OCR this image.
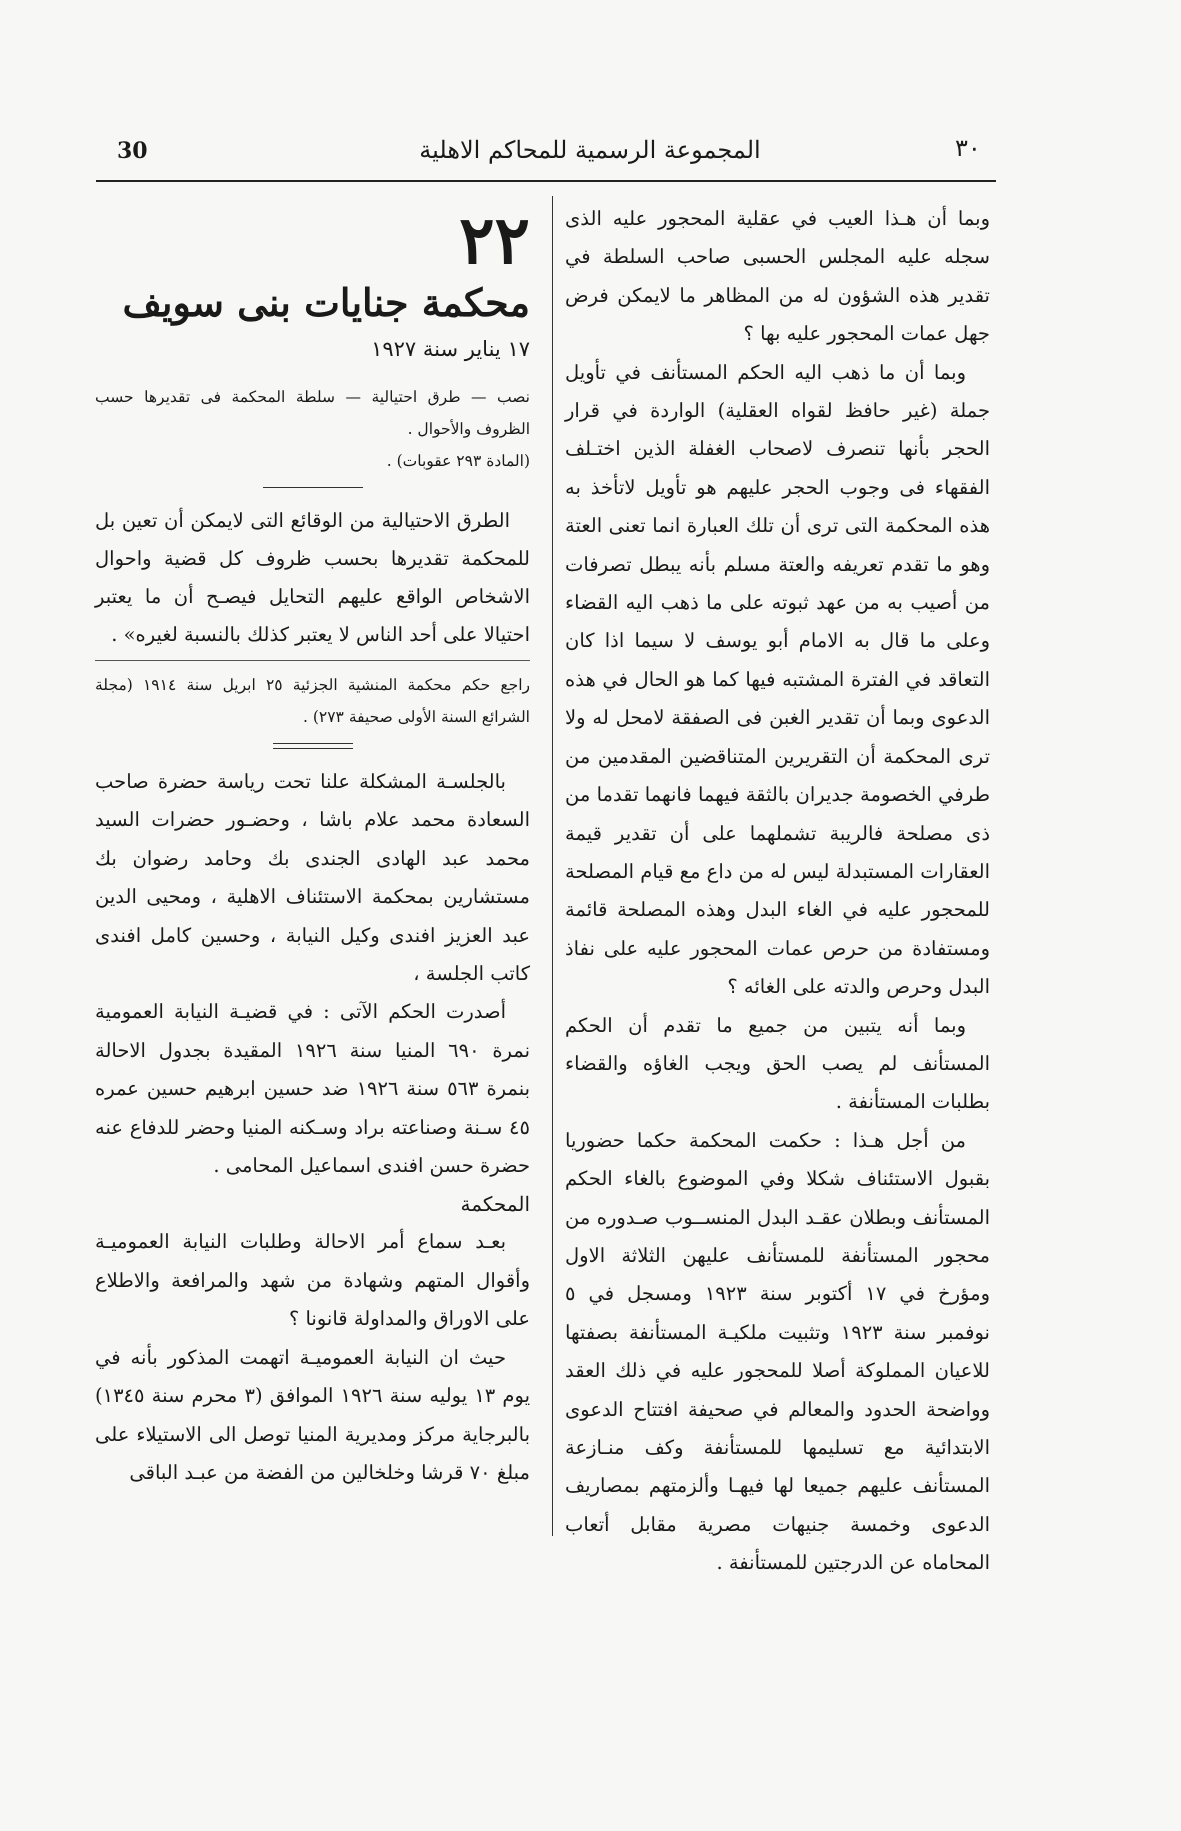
30	المجموعة الرسمية للمحاكم الاهلية	٣٠

وبما أن هـذا العيب في عقلية المحجور عليه الذى سجله عليه المجلس الحسبى صاحب السلطة في تقدير هذه الشؤون له من المظاهر ما لايمكن فرض جهل عمات المحجور عليه بها ؟

وبما أن ما ذهب اليه الحكم المستأنف في تأويل جملة (غير حافظ لقواه العقلية) الواردة في قرار الحجر بأنها تنصرف لاصحاب الغفلة الذين اختـلف الفقهاء فى وجوب الحجر عليهم هو تأويل لاتأخذ به هذه المحكمة التى ترى أن تلك العبارة انما تعنى العتة وهو ما تقدم تعريفه والعتة مسلم بأنه يبطل تصرفات من أصيب به من عهد ثبوته على ما ذهب اليه القضاء وعلى ما قال به الامام أبو يوسف لا سيما اذا كان التعاقد في الفترة المشتبه فيها كما هو الحال في هذه الدعوى وبما أن تقدير الغبن فى الصفقة لامحل له ولا ترى المحكمة أن التقريرين المتناقضين المقدمين من طرفي الخصومة جديران بالثقة فيهما فانهما تقدما من ذى مصلحة فالريبة تشملهما على أن تقدير قيمة العقارات المستبدلة ليس له من داع مع قيام المصلحة للمحجور عليه في الغاء البدل وهذه المصلحة قائمة ومستفادة من حرص عمات المحجور عليه على نفاذ البدل وحرص والدته على الغائه ؟

وبما أنه يتبين من جميع ما تقدم أن الحكم المستأنف لم يصب الحق ويجب الغاؤه والقضاء بطلبات المستأنفة .

من أجل هـذا : حكمت المحكمة حكما حضوريا بقبول الاستئناف شكلا وفي الموضوع بالغاء الحكم المستأنف وبطلان عقـد البدل المنســوب صـدوره من محجور المستأنفة للمستأنف عليهن الثلاثة الاول ومؤرخ في ١٧ أكتوبر سنة ١٩٢٣ ومسجل في ٥ نوفمبر سنة ١٩٢٣ وتثبيت ملكيـة المستأنفة بصفتها للاعيان المملوكة أصلا للمحجور عليه في ذلك العقد وواضحة الحدود والمعالم في صحيفة افتتاح الدعوى الابتدائية مع تسليمها للمستأنفة وكف منـازعة المستأنف عليهم جميعا لها فيهـا وألزمتهم بمصاريف الدعوى وخمسة جنيهات مصرية مقابل أتعاب المحاماه عن الدرجتين للمستأنفة .

٢٢
محكمة جنايات بنى سويف
١٧ يناير سنة ١٩٢٧

نصب — طرق احتيالية — سلطة المحكمة فى تقديرها حسب الظروف والأحوال .

(المادة ٢٩٣ عقوبات) .

الطرق الاحتيالية من الوقائع التى لايمكن أن تعين بل للمحكمة تقديرها بحسب ظروف كل قضية واحوال الاشخاص الواقع عليهم التحايل فيصـح أن ما يعتبر احتيالا على أحد الناس لا يعتبر كذلك بالنسبة لغيره» .

راجع حكم محكمة المنشية الجزئية ٢٥ ابريل سنة ١٩١٤ (مجلة الشرائع السنة الأولى صحيفة ٢٧٣) .

بالجلسـة المشكلة علنا تحت رياسة حضرة صاحب السعادة محمد علام باشا ، وحضـور حضرات السيد محمد عبد الهادى الجندى بك وحامد رضوان بك مستشارين بمحكمة الاستئناف الاهلية ، ومحيى الدين عبد العزيز افندى وكيل النيابة ، وحسين كامل افندى كاتب الجلسة ،

أصدرت الحكم الآتى : في قضيـة النيابة العمومية نمرة ٦٩٠ المنيا سنة ١٩٢٦ المقيدة بجدول الاحالة بنمرة ٥٦٣ سنة ١٩٢٦ ضد حسين ابرهيم حسين عمره ٤٥ سـنة وصناعته براد وسـكنه المنيا وحضر للدفاع عنه حضرة حسن افندى اسماعيل المحامى .

المحكمة

بعـد سماع أمر الاحالة وطلبات النيابة العموميـة وأقوال المتهم وشهادة من شهد والمرافعة والاطلاع على الاوراق والمداولة قانونا ؟

حيث ان النيابة العموميـة اتهمت المذكور بأنه في يوم ١٣ يوليه سنة ١٩٢٦ الموافق (٣ محرم سنة ١٣٤٥) بالبرجاية مركز ومديرية المنيا توصل الى الاستيلاء على مبلغ ٧٠ قرشا وخلخالين من الفضة من عبـد الباقى
